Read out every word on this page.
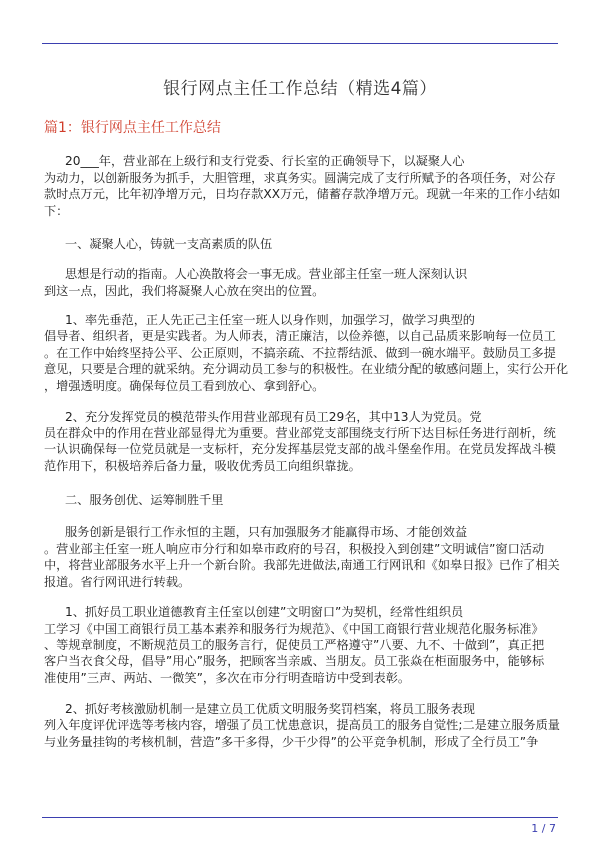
银行网点主任工作总结（精选4篇）
篇1：银行网点主任工作总结
20___年，营业部在上级行和支行党委、行长室的正确领导下，以凝聚人心
为动力，以创新服务为抓手，大胆管理，求真务实。圆满完成了支行所赋予的各项任务，对公存
款时点万元，比年初净增万元，日均存款XX万元，储蓄存款净增万元。现就一年来的工作小结如
下：
一、凝聚人心，铸就一支高素质的队伍
思想是行动的指南。人心涣散将会一事无成。营业部主任室一班人深刻认识
到这一点，因此，我们将凝聚人心放在突出的位置。
1、率先垂范，正人先正己主任室一班人以身作则，加强学习，做学习典型的
倡导者、组织者，更是实践者。为人师表，清正廉洁，以俭养德，以自己品质来影响每一位员工
。在工作中始终坚持公平、公正原则，不搞亲疏、不拉帮结派、做到一碗水端平。鼓励员工多提
意见，只要是合理的就采纳。充分调动员工参与的积极性。在业绩分配的敏感问题上，实行公开化
，增强透明度。确保每位员工看到放心、拿到舒心。
2、充分发挥党员的模范带头作用营业部现有员工29名，其中13人为党员。党
员在群众中的作用在营业部显得尤为重要。营业部党支部围绕支行所下达目标任务进行剖析，统
一认识确保每一位党员就是一支标杆，充分发挥基层党支部的战斗堡垒作用。在党员发挥战斗模
范作用下，积极培养后备力量，吸收优秀员工向组织靠拢。
二、服务创优、运筹制胜千里
服务创新是银行工作永恒的主题，只有加强服务才能赢得市场、才能创效益
。营业部主任室一班人响应市分行和如皋市政府的号召，积极投入到创建”文明诚信”窗口活动
中，将营业部服务水平上升一个新台阶。我部先进做法,南通工行网讯和《如皋日报》已作了相关
报道。省行网讯进行转载。
1、抓好员工职业道德教育主任室以创建”文明窗口”为契机，经常性组织员
工学习《中国工商银行员工基本素养和服务行为规范》、《中国工商银行营业规范化服务标准》
、等规章制度，不断规范员工的服务言行，促使员工严格遵守”八要、九不、十做到”，真正把
客户当衣食父母，倡导”用心”服务，把顾客当亲戚、当朋友。员工张焱在柜面服务中，能够标
准使用”三声、两站、一微笑”，多次在市分行明查暗访中受到表彰。
2、抓好考核激励机制一是建立员工优质文明服务奖罚档案，将员工服务表现
列入年度评优评选等考核内容，增强了员工忧患意识，提高员工的服务自觉性;二是建立服务质量
与业务量挂钩的考核机制，营造”多干多得，少干少得”的公平竞争机制，形成了全行员工”争
1 / 7
